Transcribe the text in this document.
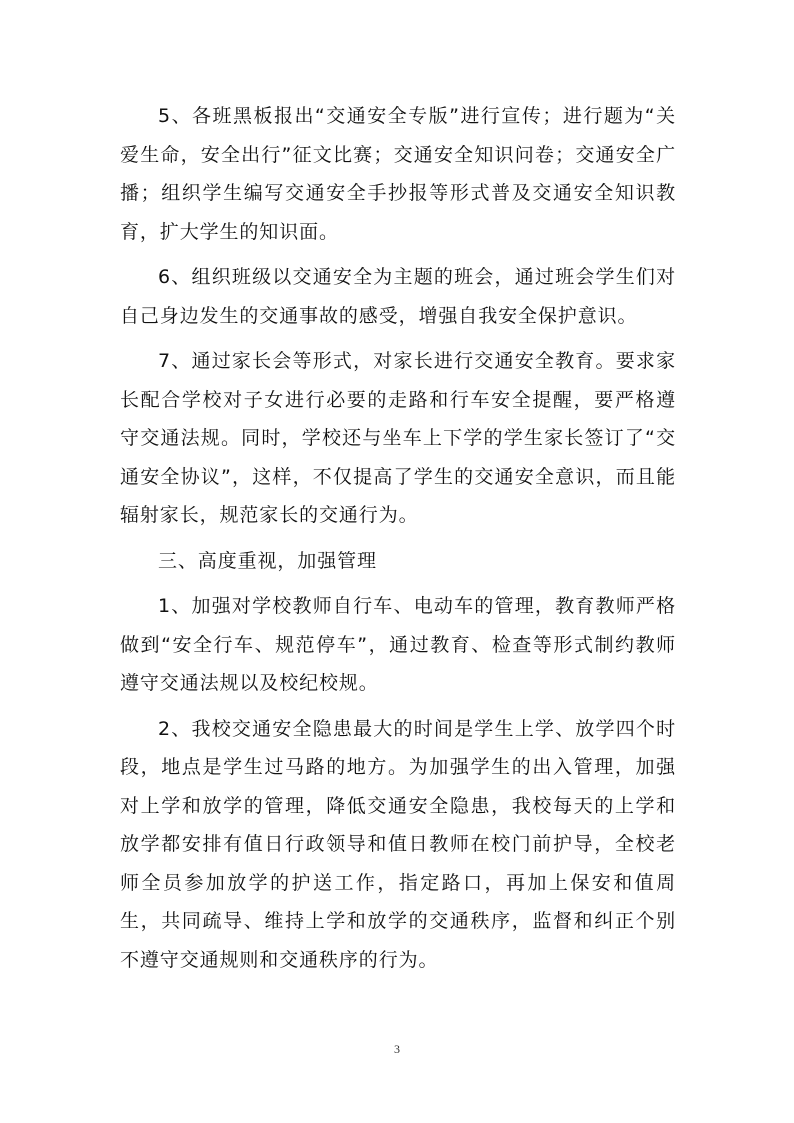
5、各班黑板报出“交通安全专版”进行宣传；进行题为“关爱生命，安全出行”征文比赛；交通安全知识问卷；交通安全广播；组织学生编写交通安全手抄报等形式普及交通安全知识教育，扩大学生的知识面。

6、组织班级以交通安全为主题的班会，通过班会学生们对自己身边发生的交通事故的感受，增强自我安全保护意识。

7、通过家长会等形式，对家长进行交通安全教育。要求家长配合学校对子女进行必要的走路和行车安全提醒，要严格遵守交通法规。同时，学校还与坐车上下学的学生家长签订了“交通安全协议”，这样，不仅提高了学生的交通安全意识，而且能辐射家长，规范家长的交通行为。

三、高度重视，加强管理

1、加强对学校教师自行车、电动车的管理，教育教师严格做到“安全行车、规范停车”，通过教育、检查等形式制约教师遵守交通法规以及校纪校规。

2、我校交通安全隐患最大的时间是学生上学、放学四个时段，地点是学生过马路的地方。为加强学生的出入管理，加强对上学和放学的管理，降低交通安全隐患，我校每天的上学和放学都安排有值日行政领导和值日教师在校门前护导，全校老师全员参加放学的护送工作，指定路口，再加上保安和值周生，共同疏导、维持上学和放学的交通秩序，监督和纠正个别不遵守交通规则和交通秩序的行为。

3
